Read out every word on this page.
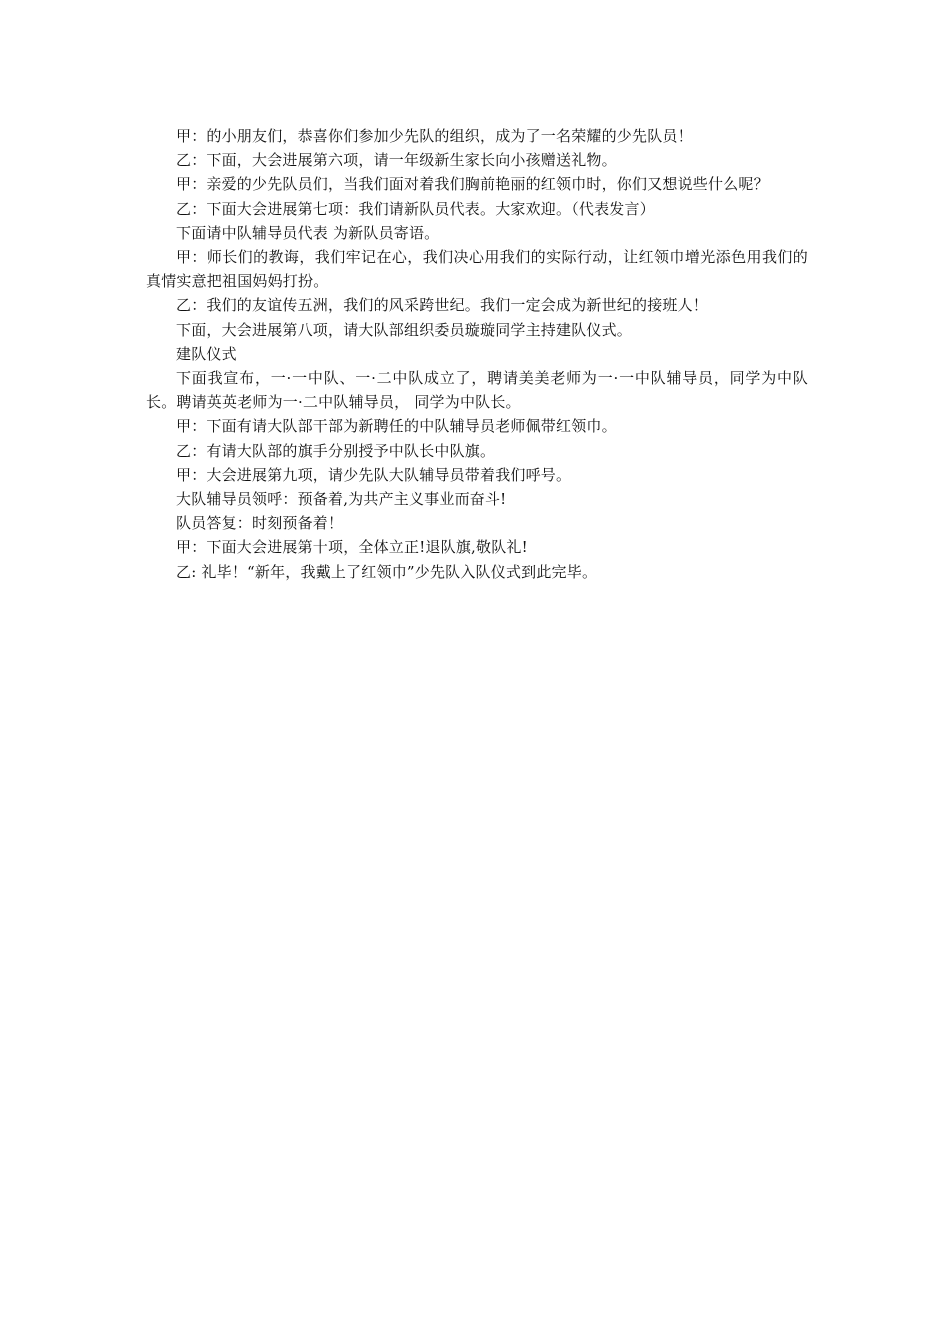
甲：的小朋友们，恭喜你们参加少先队的组织，成为了一名荣耀的少先队员！

乙：下面，大会进展第六项，请一年级新生家长向小孩赠送礼物。

甲：亲爱的少先队员们，当我们面对着我们胸前艳丽的红领巾时，你们又想说些什么呢？

乙：下面大会进展第七项：我们请新队员代表。大家欢迎。（代表发言）

下面请中队辅导员代表 为新队员寄语。

甲：师长们的教诲，我们牢记在心，我们决心用我们的实际行动，让红领巾增光添色用我们的真情实意把祖国妈妈打扮。

乙：我们的友谊传五洲，我们的风采跨世纪。我们一定会成为新世纪的接班人！

下面，大会进展第八项，请大队部组织委员璇璇同学主持建队仪式。

建队仪式

下面我宣布，一·一中队、一·二中队成立了，聘请美美老师为一·一中队辅导员，同学为中队长。聘请英英老师为一·二中队辅导员， 同学为中队长。

甲：下面有请大队部干部为新聘任的中队辅导员老师佩带红领巾。

乙：有请大队部的旗手分别授予中队长中队旗。

甲：大会进展第九项，请少先队大队辅导员带着我们呼号。

大队辅导员领呼：预备着,为共产主义事业而奋斗!

队员答复：时刻预备着！

甲：下面大会进展第十项，全体立正!退队旗,敬队礼!

乙: 礼毕！“新年，我戴上了红领巾”少先队入队仪式到此完毕。
